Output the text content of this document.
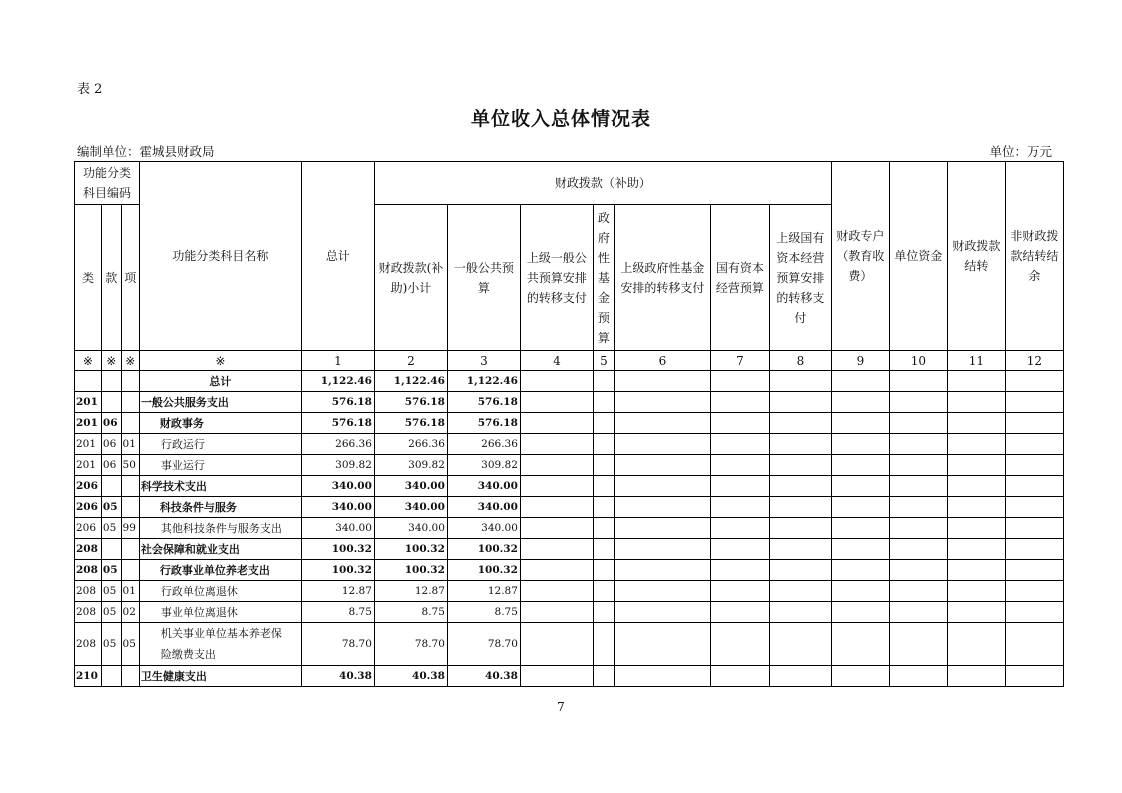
表 2
单位收入总体情况表
编制单位：霍城县财政局	单位：万元
功能分类科目编码			功能分类科目名称	总计	财政拨款（补助）							财政专户（教育收费）	单位资金	财政拨款结转	非财政拨款结转结余
类	款	项			财政拨款(补助)小计	一般公共预算	上级一般公共预算安排的转移支付	政府性基金预算	上级政府性基金安排的转移支付	国有资本经营预算	上级国有资本经营预算安排的转移支付				
※	※	※	※	1	2	3	4	5	6	7	8	9	10	11	12
			总计	1,122.46	1,122.46	1,122.46									
201			一般公共服务支出	576.18	576.18	576.18									
201	06		财政事务	576.18	576.18	576.18									
201	06	01	行政运行	266.36	266.36	266.36									
201	06	50	事业运行	309.82	309.82	309.82									
206			科学技术支出	340.00	340.00	340.00									
206	05		科技条件与服务	340.00	340.00	340.00									
206	05	99	其他科技条件与服务支出	340.00	340.00	340.00									
208			社会保障和就业支出	100.32	100.32	100.32									
208	05		行政事业单位养老支出	100.32	100.32	100.32									
208	05	01	行政单位离退休	12.87	12.87	12.87									
208	05	02	事业单位离退休	8.75	8.75	8.75									
208	05	05	机关事业单位基本养老保险缴费支出	78.70	78.70	78.70									
210			卫生健康支出	40.38	40.38	40.38									
7
